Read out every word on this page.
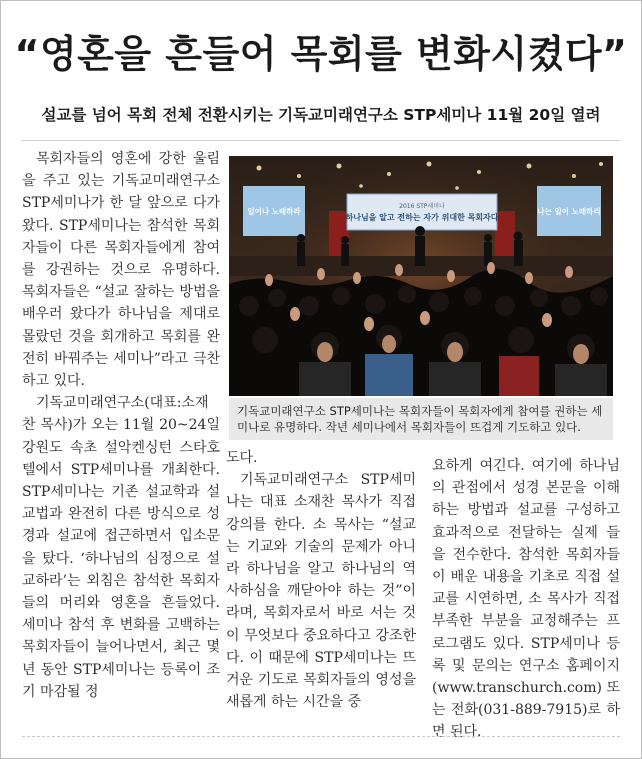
“영혼을 흔들어 목회를 변화시켰다”
설교를 넘어 목회 전체 전환시키는 기독교미래연구소 STP세미나 11월 20일 열려

목회자들의 영혼에 강한 울림을 주고 있는 기독교미래연구소 STP세미나가 한 달 앞으로 다가왔다. STP세미나는 참석한 목회자들이 다른 목회자들에게 참여를 강권하는 것으로 유명하다. 목회자들은 “설교 잘하는 방법을 배우러 왔다가 하나님을 제대로 몰랐던 것을 회개하고 목회를 완전히 바꿔주는 세미나”라고 극찬하고 있다.

기독교미래연구소(대표:소재찬 목사)가 오는 11월 20~24일 강원도 속초 설악켄싱턴 스타호텔에서 STP세미나를 개최한다. STP세미나는 기존 설교학과 설교법과 완전히 다른 방식으로 성경과 설교에 접근하면서 입소문을 탔다. ‘하나님의 심정으로 설교하라’는 외침은 참석한 목회자들의 머리와 영혼을 흔들었다. 세미나 참석 후 변화를 고백하는 목회자들이 늘어나면서, 최근 몇 년 동안 STP세미나는 등록이 조기 마감될 정

2016 STP세미나
하나님을 알고 전하는 자가 위대한 목회자다
일어나 노래하라	나는 일어 노래하리
기독교미래연구소 STP세미나는 목회자들이 목회자에게 참여를 권하는 세미나로 유명하다. 작년 세미나에서 목회자들이 뜨겁게 기도하고 있다.

도다.

기독교미래연구소 STP세미나는 대표 소재찬 목사가 직접 강의를 한다. 소 목사는 “설교는 기교와 기술의 문제가 아니라 하나님을 알고 하나님의 역사하심을 깨닫아야 하는 것”이라며, 목회자로서 바로 서는 것이 무엇보다 중요하다고 강조한다. 이 때문에 STP세미나는 뜨거운 기도로 목회자들의 영성을 새롭게 하는 시간을 중

요하게 여긴다. 여기에 하나님의 관점에서 성경 본문을 이해하는 방법과 설교를 구성하고 효과적으로 전달하는 실제 들을 전수한다. 참석한 목회자들이 배운 내용을 기초로 직접 설교를 시연하면, 소 목사가 직접 부족한 부분을 교정해주는 프로그램도 있다. STP세미나 등록 및 문의는 연구소 홈페이지(www.transchurch.com) 또는 전화(031-889-7915)로 하면 된다.
